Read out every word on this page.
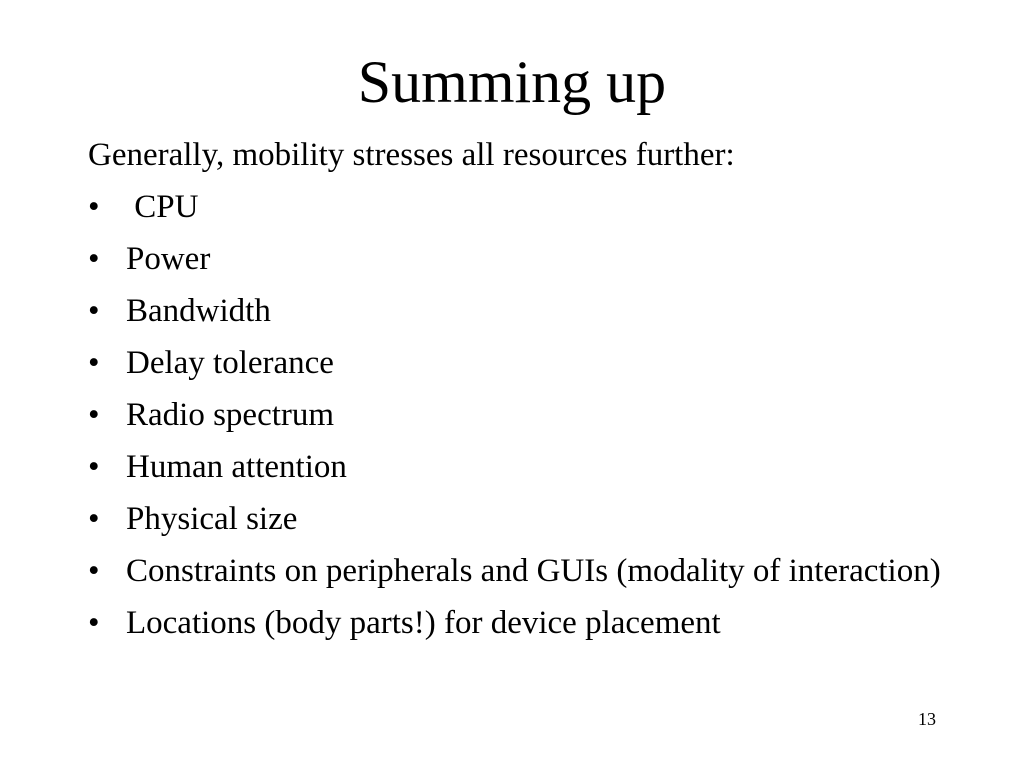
Summing up

Generally, mobility stresses all resources further:

• CPU
• Power
• Bandwidth
• Delay tolerance
• Radio spectrum
• Human attention
• Physical size
• Constraints on peripherals and GUIs (modality of interaction)
• Locations (body parts!) for device placement
13
